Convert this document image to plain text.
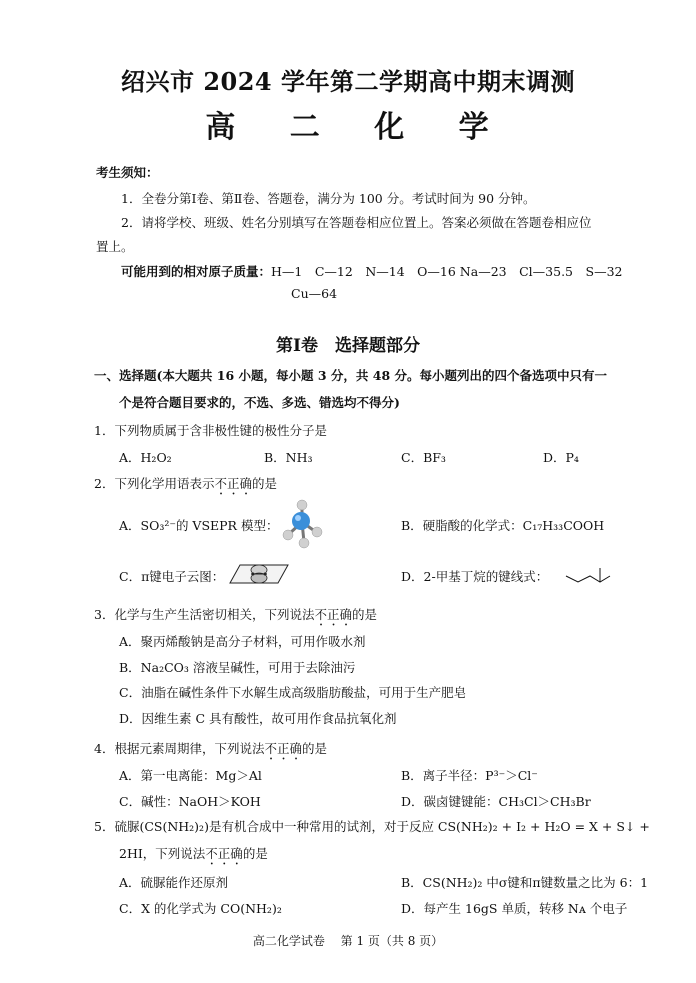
绍兴市 2024 学年第二学期高中期末调测
高 二 化 学
考生须知：
1．全卷分第Ⅰ卷、第Ⅱ卷、答题卷，满分为 100 分。考试时间为 90 分钟。
2．请将学校、班级、姓名分别填写在答题卷相应位置上。答案必须做在答题卷相应位
置上。
可能用到的相对原子质量：H—1　C—12　N—14　O—16 Na—23　Cl—35.5　S—32
Cu—64
第Ⅰ卷　选择题部分
一、选择题(本大题共 16 小题，每小题 3 分，共 48 分。每小题列出的四个备选项中只有一
个是符合题目要求的，不选、多选、错选均不得分)
1．下列物质属于含非极性键的极性分子是
A．H₂O₂	B．NH₃	C．BF₃	D．P₄
2．下列化学用语表示不正确的是
A．SO₃²⁻的 VSEPR 模型：	B．硬脂酸的化学式：C₁₇H₃₃COOH
C．π键电子云图：	D．2-甲基丁烷的键线式：
3．化学与生产生活密切相关，下列说法不正确的是
A．聚丙烯酸钠是高分子材料，可用作吸水剂
B．Na₂CO₃ 溶液呈碱性，可用于去除油污
C．油脂在碱性条件下水解生成高级脂肪酸盐，可用于生产肥皂
D．因维生素 C 具有酸性，故可用作食品抗氧化剂
4．根据元素周期律，下列说法不正确的是
A．第一电离能：Mg＞Al	B．离子半径：P³⁻＞Cl⁻
C．碱性：NaOH＞KOH	D．碳卤键键能：CH₃Cl＞CH₃Br
5．硫脲(CS(NH₂)₂)是有机合成中一种常用的试剂，对于反应 CS(NH₂)₂ + I₂ + H₂O = X + S↓ +
2HI，下列说法不正确的是
A．硫脲能作还原剂	B．CS(NH₂)₂ 中σ键和π键数量之比为 6：1
C．X 的化学式为 CO(NH₂)₂	D．每产生 16gS 单质，转移 Nᴀ 个电子
高二化学试卷　 第 1 页（共 8 页）
